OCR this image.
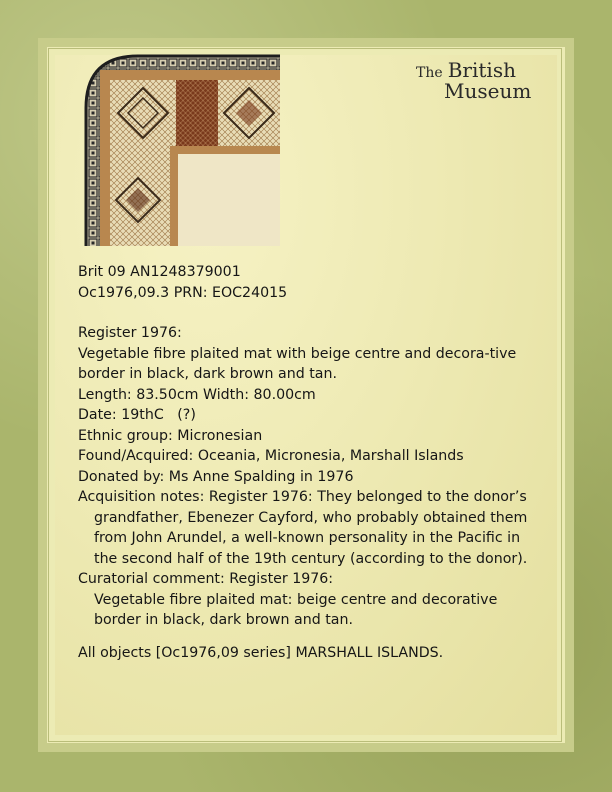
The British
Museum
Brit 09 AN1248379001
Oc1976,09.3 PRN: EOC24015
Register 1976:
Vegetable fibre plaited mat with beige centre and decora-tive border in black, dark brown and tan.
Length: 83.50cm Width: 80.00cm
Date: 19thC   (?)
Ethnic group: Micronesian
Found/Acquired: Oceania, Micronesia, Marshall Islands
Donated by: Ms Anne Spalding in 1976
Acquisition notes: Register 1976: They belonged to the donor’s grandfather, Ebenezer Cayford, who probably obtained them from John Arundel, a well-known personality in the Pacific in the second half of the 19th century (according to the donor).
Curatorial comment: Register 1976:
Vegetable fibre plaited mat: beige centre and decorative border in black, dark brown and tan.
All objects [Oc1976,09 series] MARSHALL ISLANDS.
